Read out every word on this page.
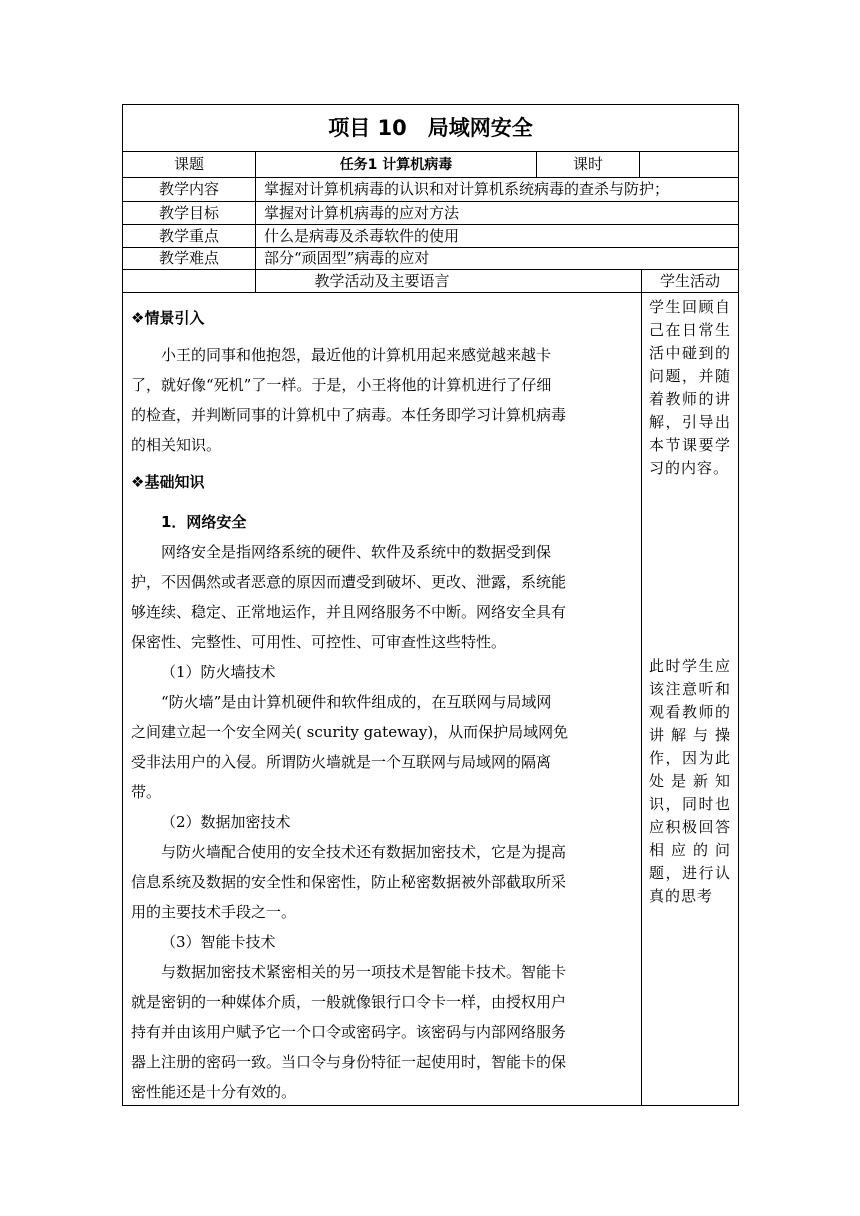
项目 10　局域网安全
课题	任务1 计算机病毒	课时
教学内容	掌握对计算机病毒的认识和对计算机系统病毒的查杀与防护；
教学目标	掌握对计算机病毒的应对方法
教学重点	什么是病毒及杀毒软件的使用
教学难点	部分“顽固型”病毒的应对
教学活动及主要语言	学生活动

❖情景引入

小王的同事和他抱怨，最近他的计算机用起来感觉越来越卡

了，就好像“死机”了一样。于是，小王将他的计算机进行了仔细

的检查，并判断同事的计算机中了病毒。本任务即学习计算机病毒

的相关知识。

❖基础知识

1．网络安全

网络安全是指网络系统的硬件、软件及系统中的数据受到保

护，不因偶然或者恶意的原因而遭受到破坏、更改、泄露，系统能

够连续、稳定、正常地运作，并且网络服务不中断。网络安全具有

保密性、完整性、可用性、可控性、可审查性这些特性。

（1）防火墙技术

“防火墙”是由计算机硬件和软件组成的，在互联网与局域网

之间建立起一个安全网关( scurity gateway)，从而保护局域网免

受非法用户的入侵。所谓防火墙就是一个互联网与局域网的隔离

带。

（2）数据加密技术

与防火墙配合使用的安全技术还有数据加密技术，它是为提高

信息系统及数据的安全性和保密性，防止秘密数据被外部截取所采

用的主要技术手段之一。

（3）智能卡技术

与数据加密技术紧密相关的另一项技术是智能卡技术。智能卡

就是密钥的一种媒体介质，一般就像银行口令卡一样，由授权用户

持有并由该用户赋予它一个口令或密码字。该密码与内部网络服务

器上注册的密码一致。当口令与身份特征一起使用时，智能卡的保

密性能还是十分有效的。

学生回顾自己在日常生活中碰到的问题，并随着教师的讲解，引导出本节课要学习的内容。

此时学生应该注意听和观看教师的讲解与操作，因为此处是新知识，同时也应积极回答相应的问题，进行认真的思考
